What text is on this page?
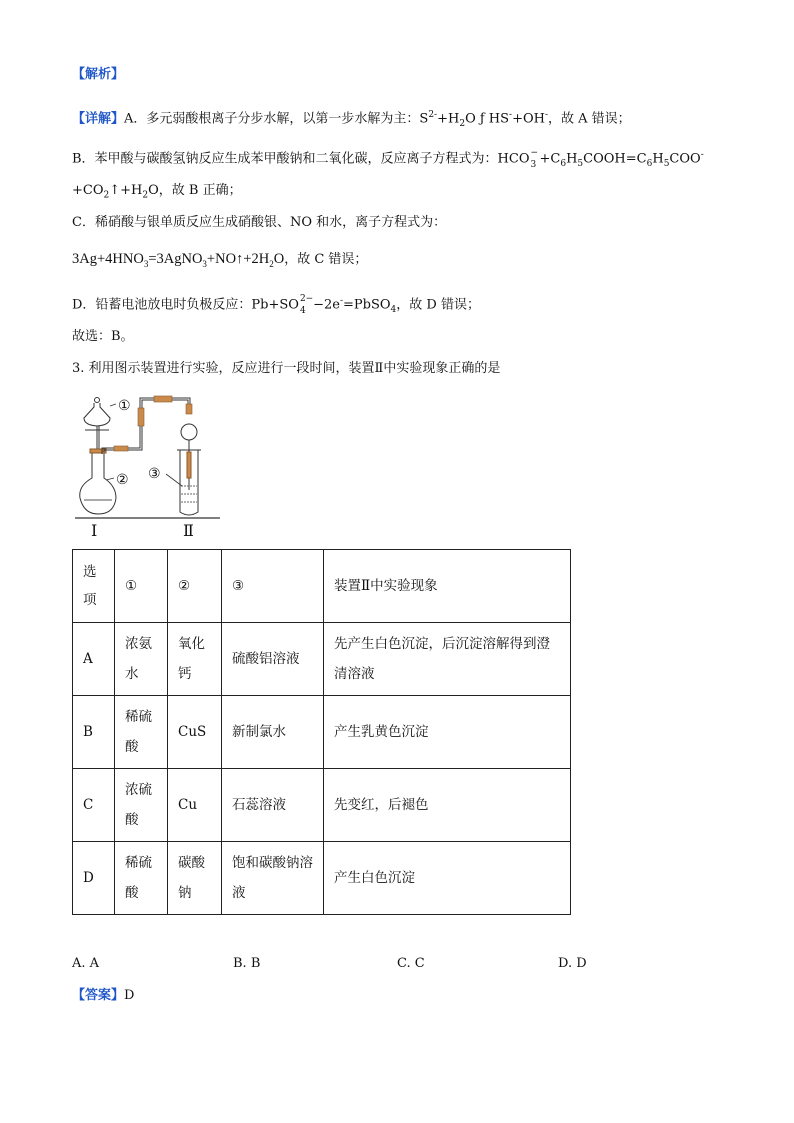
【解析】
【详解】A．多元弱酸根离子分步水解，以第一步水解为主：$S^{2-}+H_2O$ ƒ HS-+OH-，故 A 错误；
B．苯甲酸与碳酸氢钠反应生成苯甲酸钠和二氧化碳，反应离子方程式为：HCO −
$3 +C_6H_5COOH=C_6H_5COO^-$
$+CO_2↑+H_2O$，故 B 正确；
C．稀硝酸与银单质反应生成硝酸银、NO 和水，离子方程式为：
$3Ag+4HNO_3=3AgNO_3+NO↑+2H_2O$，故 C 错误；
D．铅蓄电池放电时负极反应：Pb+SO 2−
4 −2e-=PbSO$_4$，故 D 错误；
故选：B。
3. 利用图示装置进行实验，反应进行一段时间，装置Ⅱ中实验现象正确的是
①
② ③
Ⅰ	Ⅱ
选
项	①	②	③	装置Ⅱ中实验现象
A	浓氨
水	氧化
钙	硫酸铝溶液	先产生白色沉淀，后沉淀溶解得到澄
清溶液
B	稀硫
酸	CuS	新制氯水	产生乳黄色沉淀
C	浓硫
酸	Cu	石蕊溶液	先变红，后褪色
D	稀硫
酸	碳酸
钠	饱和碳酸钠溶
液	产生白色沉淀
A. A	B. B	C. C	D. D
【答案】D
